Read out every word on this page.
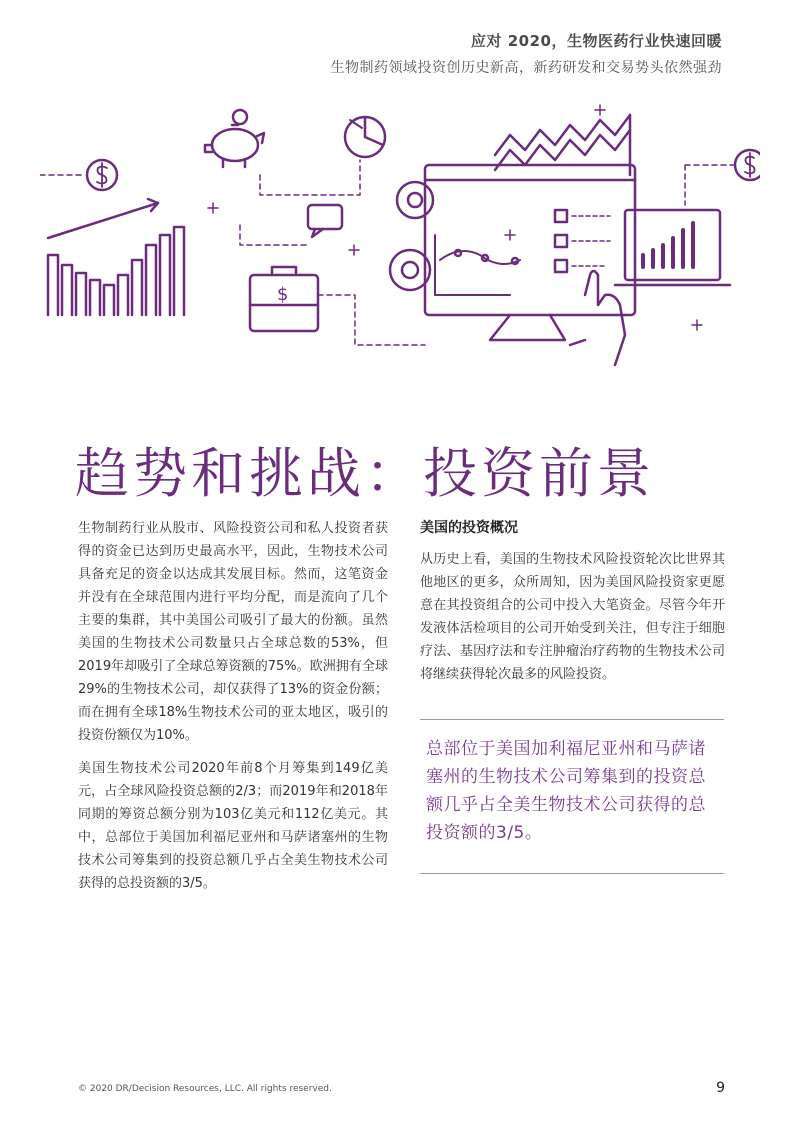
应对 2020，生物医药行业快速回暖
生物制药领域投资创历史新高，新药研发和交易势头依然强劲
$
趋势和挑战：投资前景

生物制药行业从股市、风险投资公司和私人投资者获得的资金已达到历史最高水平，因此，生物技术公司具备充足的资金以达成其发展目标。然而，这笔资金并没有在全球范围内进行平均分配，而是流向了几个主要的集群，其中美国公司吸引了最大的份额。虽然美国的生物技术公司数量只占全球总数的53%，但2019年却吸引了全球总筹资额的75%。欧洲拥有全球29%的生物技术公司，却仅获得了13%的资金份额；而在拥有全球18%生物技术公司的亚太地区，吸引的投资份额仅为10%。

美国生物技术公司2020年前8个月筹集到149亿美元，占全球风险投资总额的2/3；而2019年和2018年同期的筹资总额分别为103亿美元和112亿美元。其中，总部位于美国加利福尼亚州和马萨诸塞州的生物技术公司筹集到的投资总额几乎占全美生物技术公司获得的总投资额的3/5。

美国的投资概况

从历史上看，美国的生物技术风险投资轮次比世界其他地区的更多，众所周知，因为美国风险投资家更愿意在其投资组合的公司中投入大笔资金。尽管今年开发液体活检项目的公司开始受到关注，但专注于细胞疗法、基因疗法和专注肿瘤治疗药物的生物技术公司将继续获得轮次最多的风险投资。

总部位于美国加利福尼亚州和马萨诸塞州的生物技术公司筹集到的投资总额几乎占全美生物技术公司获得的总投资额的3/5。
© 2020 DR/Decision Resources, LLC. All rights reserved.	9
